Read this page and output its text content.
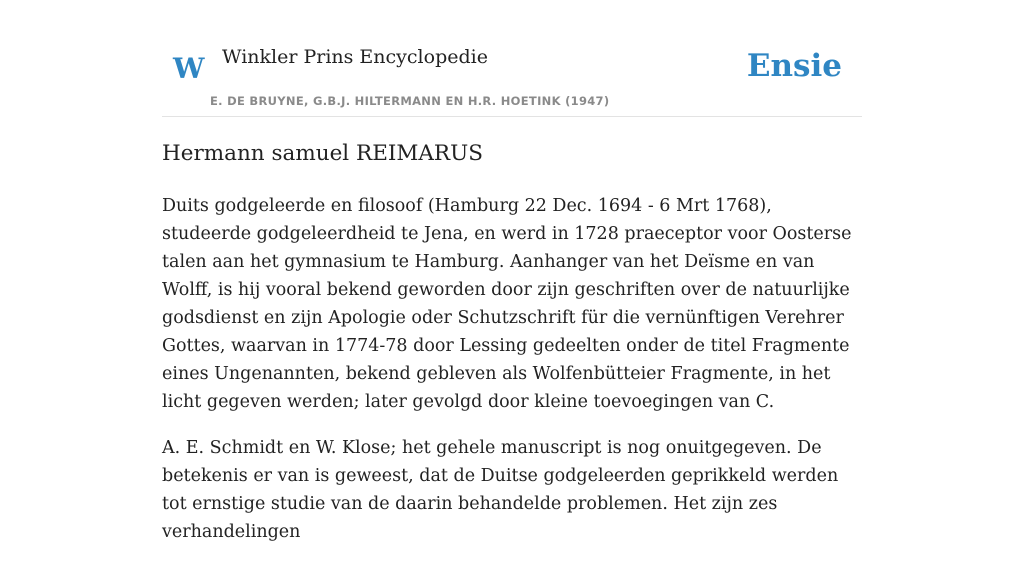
W Winkler Prins Encyclopedie
E. DE BRUYNE, G.B.J. HILTERMANN EN H.R. HOETINK (1947)
Ensie
Hermann samuel REIMARUS

Duits godgeleerde en filosoof (Hamburg 22 Dec. 1694 - 6 Mrt 1768), studeerde godgeleerdheid te Jena, en werd in 1728 praeceptor voor Oosterse talen aan het gymnasium te Hamburg. Aanhanger van het Deïsme en van Wolff, is hij vooral bekend geworden door zijn geschriften over de natuurlijke godsdienst en zijn Apologie oder Schutzschrift für die vernünftigen Verehrer Gottes, waarvan in 1774-78 door Lessing gedeelten onder de titel Fragmente eines Ungenannten, bekend gebleven als Wolfenbütteier Fragmente, in het licht gegeven werden; later gevolgd door kleine toevoegingen van C.

A. E. Schmidt en W. Klose; het gehele manuscript is nog onuitgegeven. De betekenis er van is geweest, dat de Duitse godgeleerden geprikkeld werden tot ernstige studie van de daarin behandelde problemen. Het zijn zes verhandelingen
